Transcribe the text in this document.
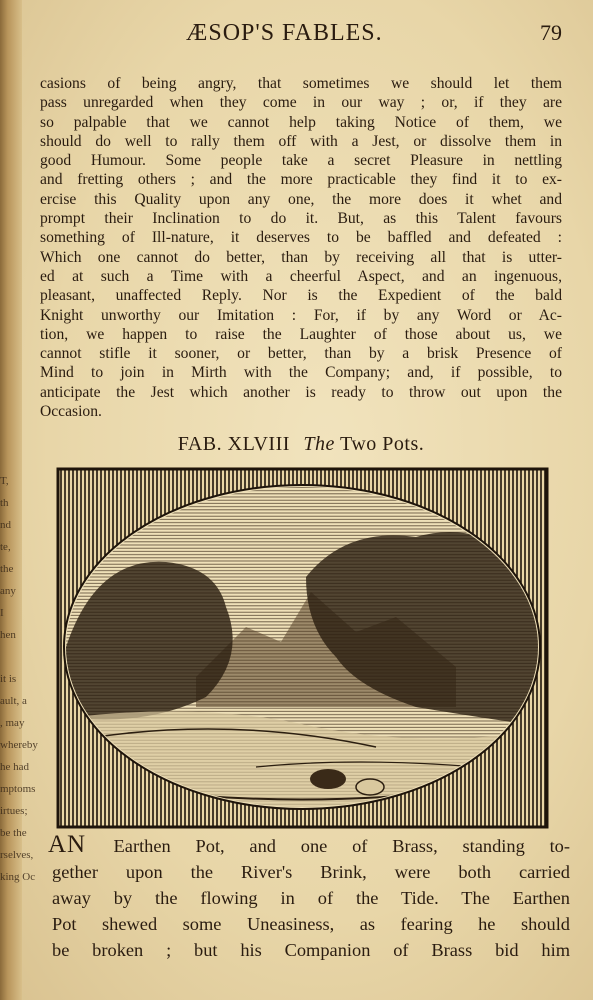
T,
th
nd
te,
the
any
I
hen

it is
ault, a
, may
whereby
he had
mptoms
irtues;
be the
rselves,
king Oc
ÆSOP'S FABLES.	79
casions of being angry, that sometimes we should let them
pass unregarded when they come in our way ; or, if they are
so palpable that we cannot help taking Notice of them, we
should do well to rally them off with a Jest, or dissolve them in
good Humour. Some people take a secret Pleasure in nettling
and fretting others ; and the more practicable they find it to ex-
ercise this Quality upon any one, the more does it whet and
prompt their Inclination to do it. But, as this Talent favours
something of Ill-nature, it deserves to be baffled and defeated :
Which one cannot do better, than by receiving all that is utter-
ed at such a Time with a cheerful Aspect, and an ingenuous,
pleasant, unaffected Reply. Nor is the Expedient of the bald
Knight unworthy our Imitation : For, if by any Word or Ac-
tion, we happen to raise the Laughter of those about us, we
cannot stifle it sooner, or better, than by a brisk Presence of
Mind to join in Mirth with the Company; and, if possible, to
anticipate the Jest which another is ready to throw out upon the
Occasion.
FAB. XLVIII The Two Pots.
AN Earthen Pot, and one of Brass, standing to-
gether upon the River's Brink, were both carried
away by the flowing in of the Tide. The Earthen
Pot shewed some Uneasiness, as fearing he should
be broken ; but his Companion of Brass bid him
